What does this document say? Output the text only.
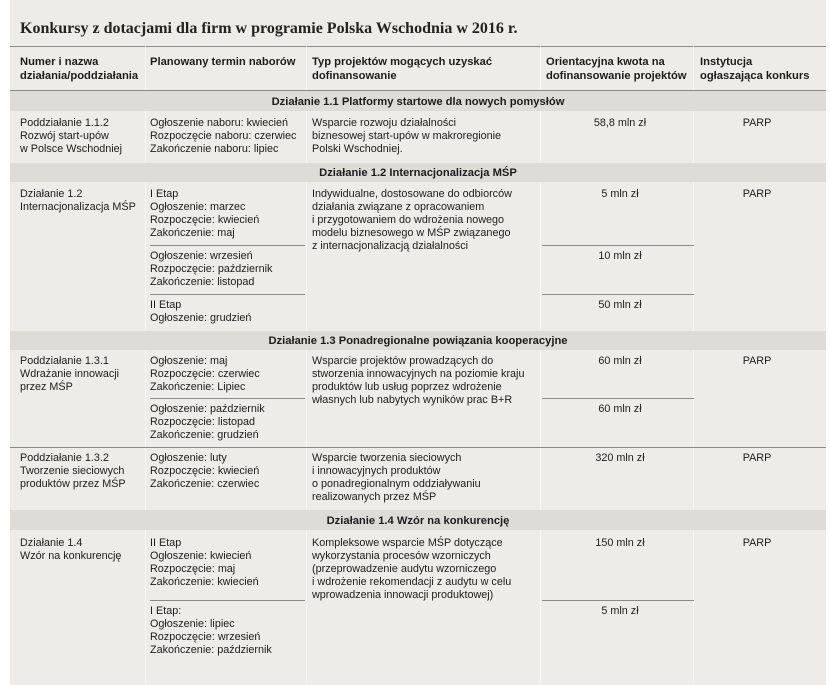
Konkursy z dotacjami dla firm w programie Polska Wschodnia w 2016 r.
Numer i nazwa
działania/poddziałania
Planowany termin naborów Typ projektów mogących uzyskać
dofinansowanie
Orientacyjna kwota na
dofinansowanie projektów
Instytucja
ogłaszająca konkurs
Działanie 1.1 Platformy startowe dla nowych pomysłów
Poddziałanie 1.1.2
Rozwój start-upów
w Polsce Wschodniej
Ogłoszenie naboru: kwiecień
Rozpoczęcie naboru: czerwiec
Zakończenie naboru: lipiec
Wsparcie rozwoju działalności
biznesowej start-upów w makroregionie
Polski Wschodniej.
58,8 mln zł	PARP
Działanie 1.2 Internacjonalizacja MŚP
Działanie 1.2
Internacjonalizacja MŚP
I Etap
Ogłoszenie: marzec
Rozpoczęcie: kwiecień
Zakończenie: maj
Ogłoszenie: wrzesień
Rozpoczęcie: październik
Zakończenie: listopad
II Etap
Ogłoszenie: grudzień
Indywidualne, dostosowane do odbiorców
działania związane z opracowaniem
i przygotowaniem do wdrożenia nowego
modelu biznesowego w MŚP związanego
z internacjonalizacją działalności
5 mln zł
10 mln zł
50 mln zł
PARP
Działanie 1.3 Ponadregionalne powiązania kooperacyjne
Poddziałanie 1.3.1
Wdrażanie innowacji
przez MŚP
Ogłoszenie: maj
Rozpoczęcie: czerwiec
Zakończenie: Lipiec
Ogłoszenie: październik
Rozpoczęcie: listopad
Zakończenie: grudzień
Wsparcie projektów prowadzących do
stworzenia innowacyjnych na poziomie kraju
produktów lub usług poprzez wdrożenie
własnych lub nabytych wyników prac B+R
60 mln zł
60 mln zł
PARP
Poddziałanie 1.3.2
Tworzenie sieciowych
produktów przez MŚP
Ogłoszenie: luty
Rozpoczęcie: kwiecień
Zakończenie: czerwiec
Wsparcie tworzenia sieciowych
i innowacyjnych produktów
o ponadregionalnym oddziaływaniu
realizowanych przez MŚP
320 mln zł	PARP
Działanie 1.4 Wzór na konkurencję
Działanie 1.4
Wzór na konkurencję
II Etap
Ogłoszenie: kwiecień
Rozpoczęcie: maj
Zakończenie: kwiecień
I Etap:
Ogłoszenie: lipiec
Rozpoczęcie: wrzesień
Zakończenie: październik
Kompleksowe wsparcie MŚP dotyczące
wykorzystania procesów wzorniczych
(przeprowadzenie audytu wzorniczego
i wdrożenie rekomendacji z audytu w celu
wprowadzenia innowacji produktowej)
150 mln zł
5 mln zł
PARP
